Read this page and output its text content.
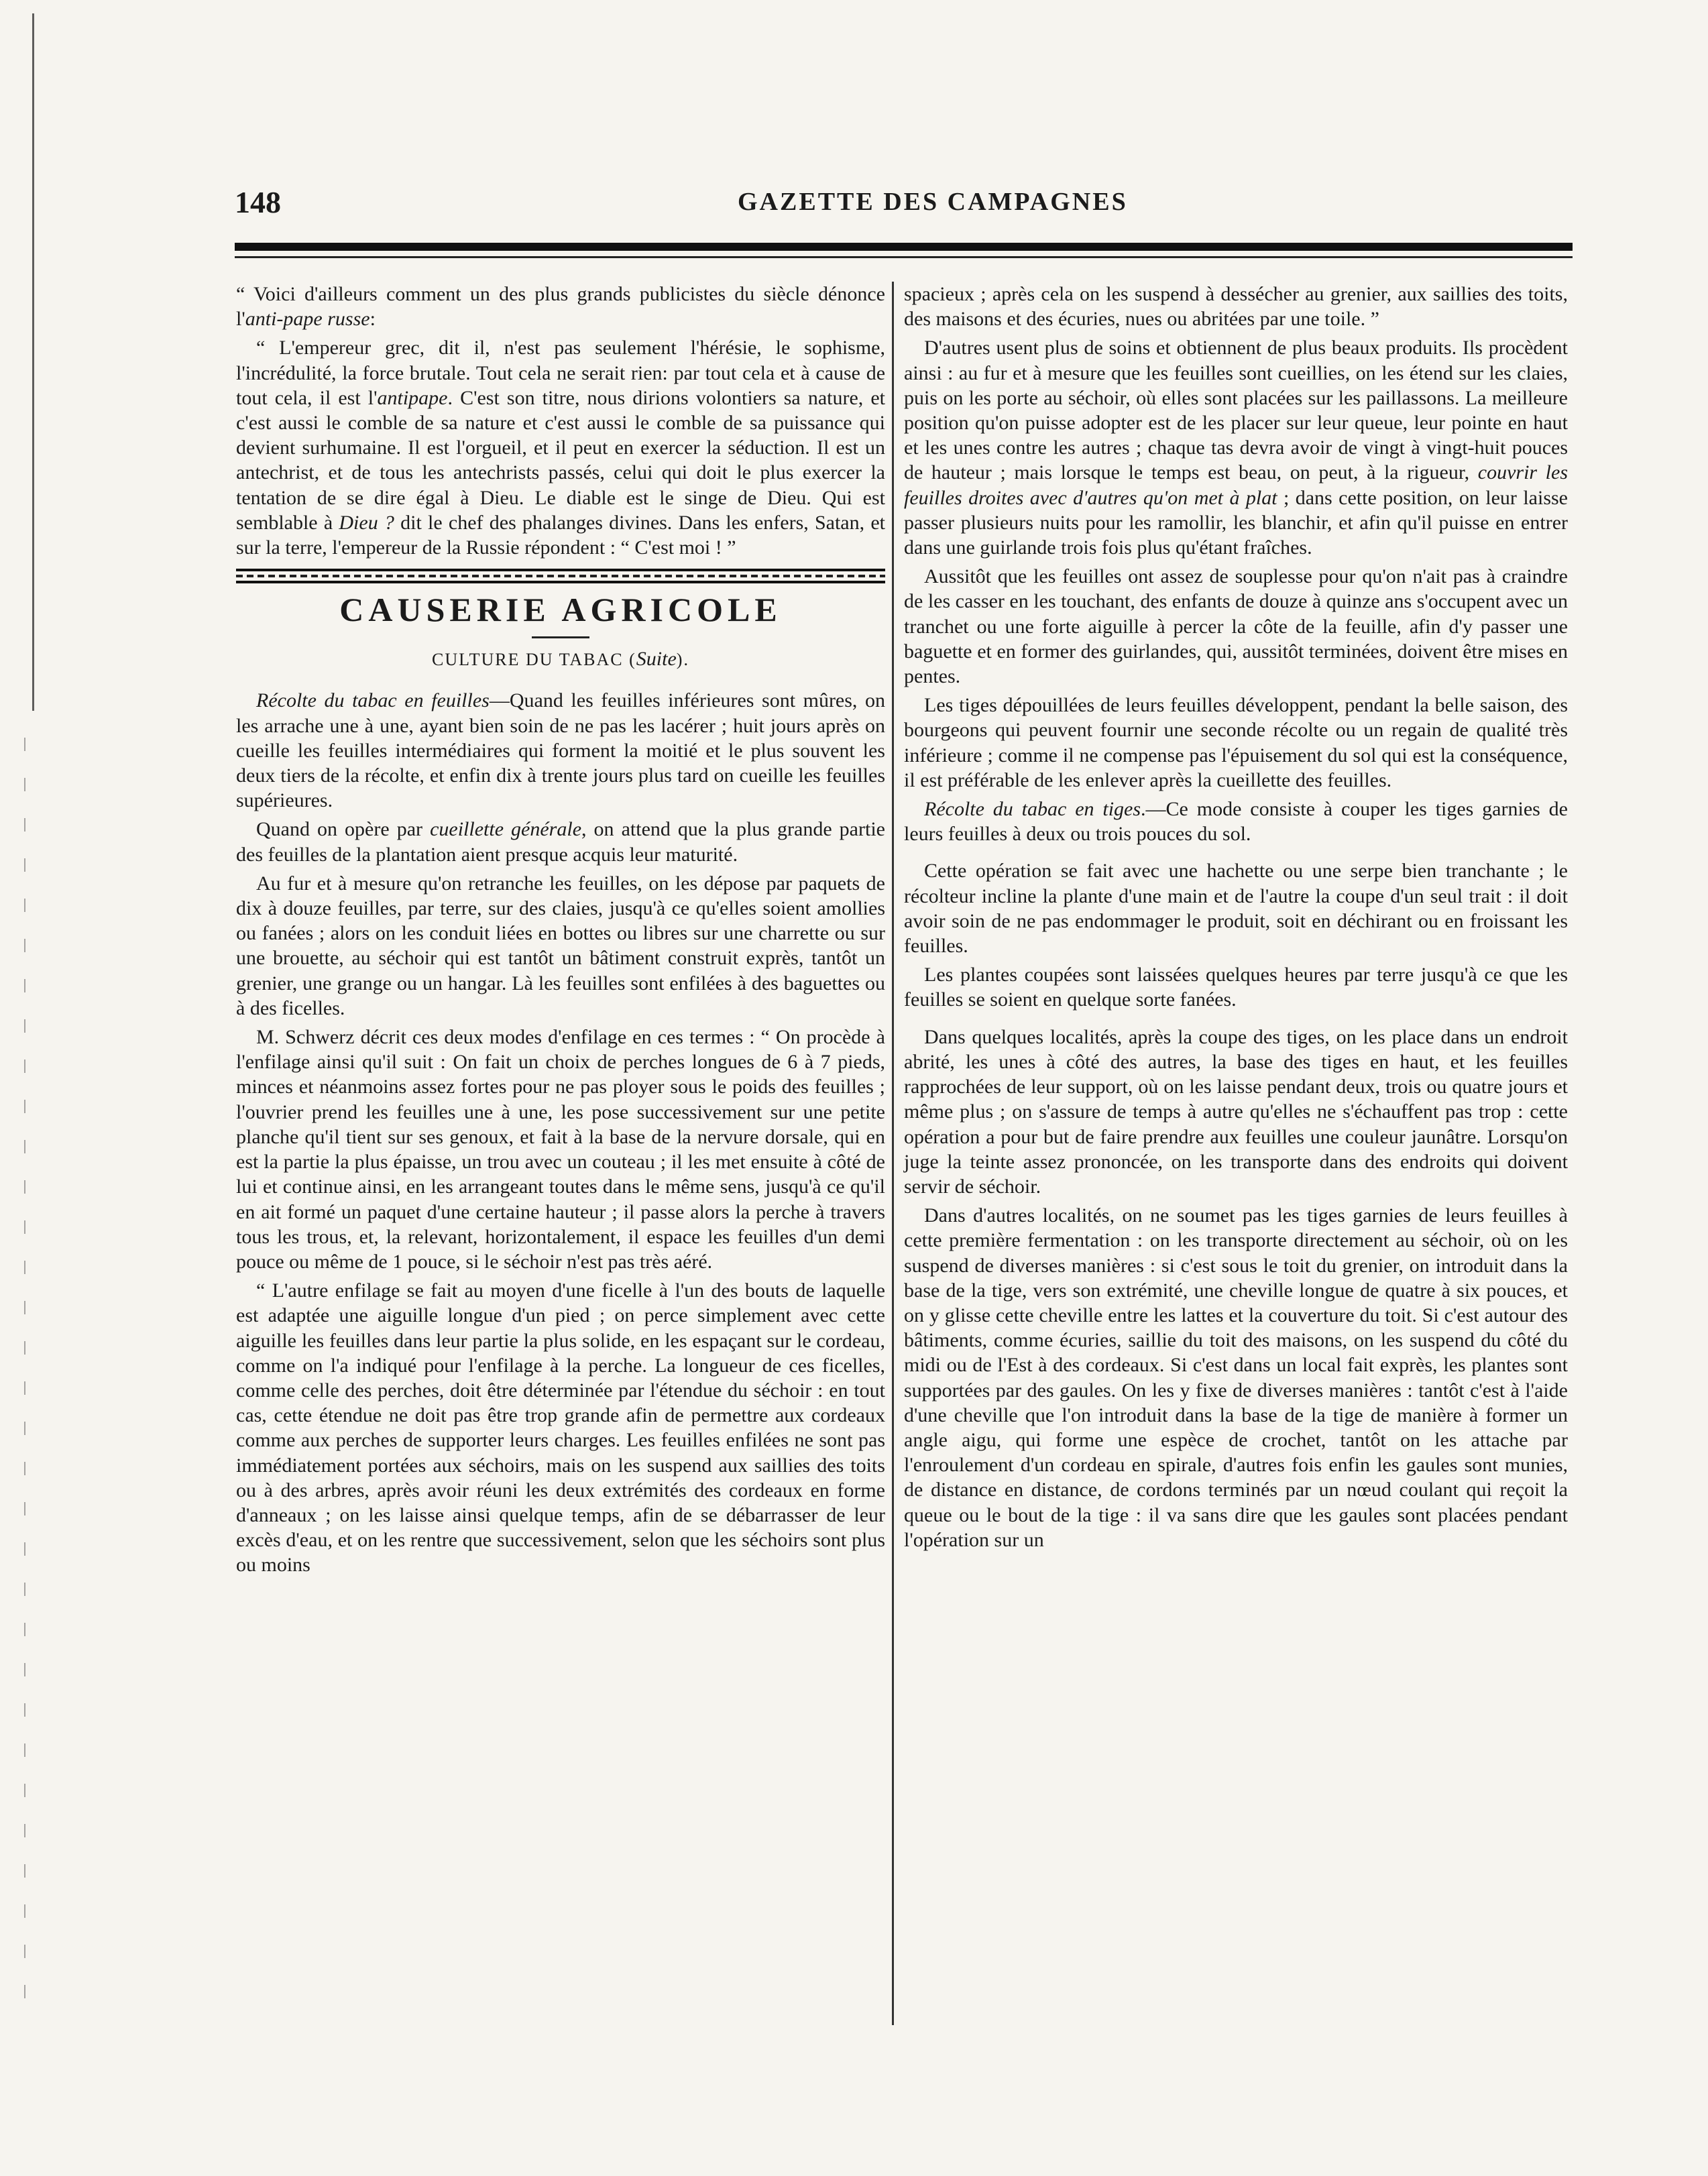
148	GAZETTE DES CAMPAGNES

“ Voici d'ailleurs comment un des plus grands publicistes du siècle dénonce l'anti-pape russe:

“ L'empereur grec, dit il, n'est pas seulement l'hérésie, le sophisme, l'incrédulité, la force brutale. Tout cela ne serait rien: par tout cela et à cause de tout cela, il est l'antipape. C'est son titre, nous dirions volontiers sa nature, et c'est aussi le comble de sa nature et c'est aussi le comble de sa puissance qui devient surhumaine. Il est l'orgueil, et il peut en exercer la séduction. Il est un antechrist, et de tous les antechrists passés, celui qui doit le plus exercer la tentation de se dire égal à Dieu. Le diable est le singe de Dieu. Qui est semblable à Dieu ? dit le chef des phalanges divines. Dans les enfers, Satan, et sur la terre, l'empereur de la Russie répondent : “ C'est moi ! ”

CAUSERIE AGRICOLE
CULTURE DU TABAC (Suite).

Récolte du tabac en feuilles—Quand les feuilles inférieures sont mûres, on les arrache une à une, ayant bien soin de ne pas les lacérer ; huit jours après on cueille les feuilles intermédiaires qui forment la moitié et le plus souvent les deux tiers de la récolte, et enfin dix à trente jours plus tard on cueille les feuilles supérieures.

Quand on opère par cueillette générale, on attend que la plus grande partie des feuilles de la plantation aient presque acquis leur maturité.

Au fur et à mesure qu'on retranche les feuilles, on les dépose par paquets de dix à douze feuilles, par terre, sur des claies, jusqu'à ce qu'elles soient amollies ou fanées ; alors on les conduit liées en bottes ou libres sur une charrette ou sur une brouette, au séchoir qui est tantôt un bâtiment construit exprès, tantôt un grenier, une grange ou un hangar. Là les feuilles sont enfilées à des baguettes ou à des ficelles.

M. Schwerz décrit ces deux modes d'enfilage en ces termes : “ On procède à l'enfilage ainsi qu'il suit : On fait un choix de perches longues de 6 à 7 pieds, minces et néanmoins assez fortes pour ne pas ployer sous le poids des feuilles ; l'ouvrier prend les feuilles une à une, les pose successivement sur une petite planche qu'il tient sur ses genoux, et fait à la base de la nervure dorsale, qui en est la partie la plus épaisse, un trou avec un couteau ; il les met ensuite à côté de lui et continue ainsi, en les arrangeant toutes dans le même sens, jusqu'à ce qu'il en ait formé un paquet d'une certaine hauteur ; il passe alors la perche à travers tous les trous, et, la relevant, horizontalement, il espace les feuilles d'un demi pouce ou même de 1 pouce, si le séchoir n'est pas très aéré.

“ L'autre enfilage se fait au moyen d'une ficelle à l'un des bouts de laquelle est adaptée une aiguille longue d'un pied ; on perce simplement avec cette aiguille les feuilles dans leur partie la plus solide, en les espaçant sur le cordeau, comme on l'a indiqué pour l'enfilage à la perche. La longueur de ces ficelles, comme celle des perches, doit être déterminée par l'étendue du séchoir : en tout cas, cette étendue ne doit pas être trop grande afin de permettre aux cordeaux comme aux perches de supporter leurs charges. Les feuilles enfilées ne sont pas immédiatement portées aux séchoirs, mais on les suspend aux saillies des toits ou à des arbres, après avoir réuni les deux extrémités des cordeaux en forme d'anneaux ; on les laisse ainsi quelque temps, afin de se débarrasser de leur excès d'eau, et on les rentre que successivement, selon que les séchoirs sont plus ou moins

spacieux ; après cela on les suspend à dessécher au grenier, aux saillies des toits, des maisons et des écuries, nues ou abritées par une toile. ”

D'autres usent plus de soins et obtiennent de plus beaux produits. Ils procèdent ainsi : au fur et à mesure que les feuilles sont cueillies, on les étend sur les claies, puis on les porte au séchoir, où elles sont placées sur les paillassons. La meilleure position qu'on puisse adopter est de les placer sur leur queue, leur pointe en haut et les unes contre les autres ; chaque tas devra avoir de vingt à vingt-huit pouces de hauteur ; mais lorsque le temps est beau, on peut, à la rigueur, couvrir les feuilles droites avec d'autres qu'on met à plat ; dans cette position, on leur laisse passer plusieurs nuits pour les ramollir, les blanchir, et afin qu'il puisse en entrer dans une guirlande trois fois plus qu'étant fraîches.

Aussitôt que les feuilles ont assez de souplesse pour qu'on n'ait pas à craindre de les casser en les touchant, des enfants de douze à quinze ans s'occupent avec un tranchet ou une forte aiguille à percer la côte de la feuille, afin d'y passer une baguette et en former des guirlandes, qui, aussitôt terminées, doivent être mises en pentes.

Les tiges dépouillées de leurs feuilles développent, pendant la belle saison, des bourgeons qui peuvent fournir une seconde récolte ou un regain de qualité très inférieure ; comme il ne compense pas l'épuisement du sol qui est la conséquence, il est préférable de les enlever après la cueillette des feuilles.

Récolte du tabac en tiges.—Ce mode consiste à couper les tiges garnies de leurs feuilles à deux ou trois pouces du sol.

Cette opération se fait avec une hachette ou une serpe bien tranchante ; le récolteur incline la plante d'une main et de l'autre la coupe d'un seul trait : il doit avoir soin de ne pas endommager le produit, soit en déchirant ou en froissant les feuilles.

Les plantes coupées sont laissées quelques heures par terre jusqu'à ce que les feuilles se soient en quelque sorte fanées.

Dans quelques localités, après la coupe des tiges, on les place dans un endroit abrité, les unes à côté des autres, la base des tiges en haut, et les feuilles rapprochées de leur support, où on les laisse pendant deux, trois ou quatre jours et même plus ; on s'assure de temps à autre qu'elles ne s'échauffent pas trop : cette opération a pour but de faire prendre aux feuilles une couleur jaunâtre. Lorsqu'on juge la teinte assez prononcée, on les transporte dans des endroits qui doivent servir de séchoir.

Dans d'autres localités, on ne soumet pas les tiges garnies de leurs feuilles à cette première fermentation : on les transporte directement au séchoir, où on les suspend de diverses manières : si c'est sous le toit du grenier, on introduit dans la base de la tige, vers son extrémité, une cheville longue de quatre à six pouces, et on y glisse cette cheville entre les lattes et la couverture du toit. Si c'est autour des bâtiments, comme écuries, saillie du toit des maisons, on les suspend du côté du midi ou de l'Est à des cordeaux. Si c'est dans un local fait exprès, les plantes sont supportées par des gaules. On les y fixe de diverses manières : tantôt c'est à l'aide d'une cheville que l'on introduit dans la base de la tige de manière à former un angle aigu, qui forme une espèce de crochet, tantôt on les attache par l'enroulement d'un cordeau en spirale, d'autres fois enfin les gaules sont munies, de distance en distance, de cordons terminés par un nœud coulant qui reçoit la queue ou le bout de la tige : il va sans dire que les gaules sont placées pendant l'opération sur un
